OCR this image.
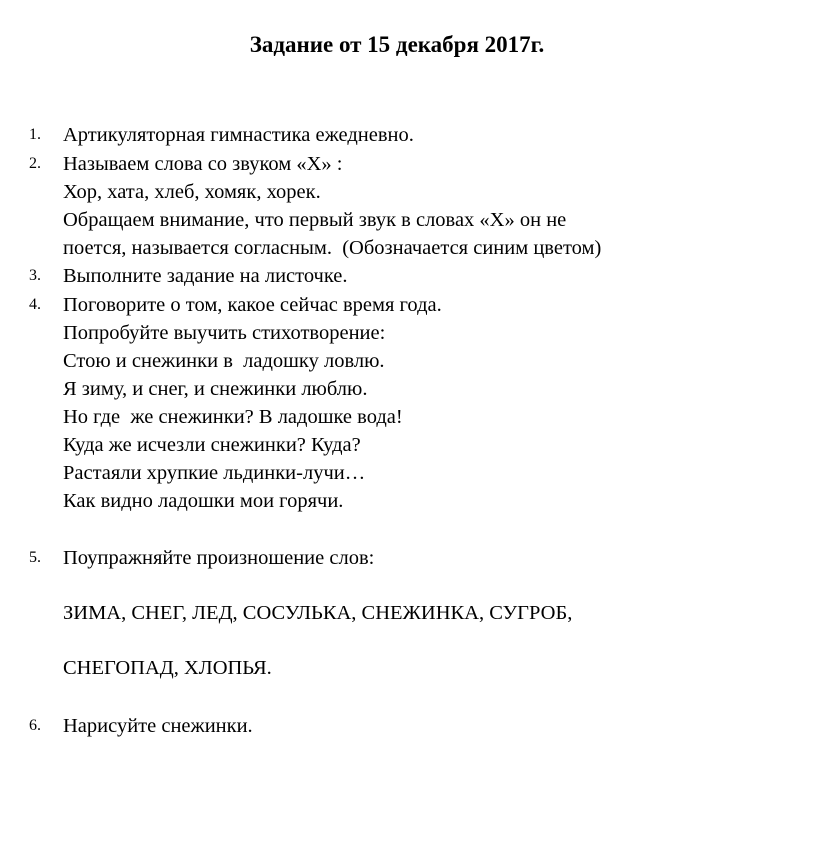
Задание от 15 декабря 2017г.
1.	Артикуляторная гимнастика ежедневно.
2.	Называем слова со звуком «Х» :
Хор, хата, хлеб, хомяк, хорек.
Обращаем внимание, что первый звук в словах «Х» он не
поется, называется согласным.  (Обозначается синим цветом)
3.	Выполните задание на листочке.
4.	Поговорите о том, какое сейчас время года.
Попробуйте выучить стихотворение:
Стою и снежинки в  ладошку ловлю.
Я зиму, и снег, и снежинки люблю.
Но где  же снежинки? В ладошке вода!
Куда же исчезли снежинки? Куда?
Растаяли хрупкие льдинки-лучи…
Как видно ладошки мои горячи.
5.	Поупражняйте произношение слов:
ЗИМА, СНЕГ, ЛЕД, СОСУЛЬКА, СНЕЖИНКА, СУГРОБ,
СНЕГОПАД, ХЛОПЬЯ.
6.	Нарисуйте снежинки.
